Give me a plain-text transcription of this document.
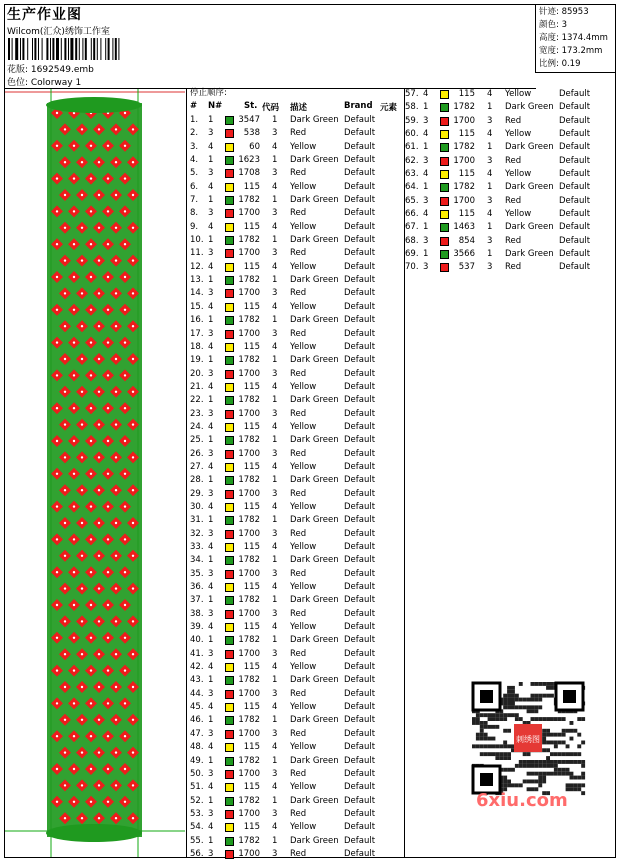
生产作业图
Wilcom(汇众)绣饰工作室
花版: 1692549.emb
色位: Colorway 1
针迹: 85953
颜色: 3
高度: 1374.4mm
宽度: 173.2mm
比例: 0.19
停止顺序:
# N#	St. 代码 描述	Brand 元素
1. 1	3547 1 Dark Green Default
2. 3	538 3 Red	Default
3. 4	60 4 Yellow	Default
4. 1	1623 1 Dark Green Default
5. 3	1708 3 Red	Default
6. 4	115 4 Yellow	Default
7. 1	1782 1 Dark Green Default
8. 3	1700 3 Red	Default
9. 4	115 4 Yellow	Default
10. 1	1782 1 Dark Green Default
11. 3	1700 3 Red	Default
12. 4	115 4 Yellow	Default
13. 1	1782 1 Dark Green Default
14. 3	1700 3 Red	Default
15. 4	115 4 Yellow	Default
16. 1	1782 1 Dark Green Default
17. 3	1700 3 Red	Default
18. 4	115 4 Yellow	Default
19. 1	1782 1 Dark Green Default
20. 3	1700 3 Red	Default
21. 4	115 4 Yellow	Default
22. 1	1782 1 Dark Green Default
23. 3	1700 3 Red	Default
24. 4	115 4 Yellow	Default
25. 1	1782 1 Dark Green Default
26. 3	1700 3 Red	Default
27. 4	115 4 Yellow	Default
28. 1	1782 1 Dark Green Default
29. 3	1700 3 Red	Default
30. 4	115 4 Yellow	Default
31. 1	1782 1 Dark Green Default
32. 3	1700 3 Red	Default
33. 4	115 4 Yellow	Default
34. 1	1782 1 Dark Green Default
35. 3	1700 3 Red	Default
36. 4	115 4 Yellow	Default
37. 1	1782 1 Dark Green Default
38. 3	1700 3 Red	Default
39. 4	115 4 Yellow	Default
40. 1	1782 1 Dark Green Default
41. 3	1700 3 Red	Default
42. 4	115 4 Yellow	Default
43. 1	1782 1 Dark Green Default
44. 3	1700 3 Red	Default
45. 4	115 4 Yellow	Default
46. 1	1782 1 Dark Green Default
47. 3	1700 3 Red	Default
48. 4	115 4 Yellow	Default
49. 1	1782 1 Dark Green Default
50. 3	1700 3 Red	Default
51. 4	115 4 Yellow	Default
52. 1	1782 1 Dark Green Default
53. 3	1700 3 Red	Default
54. 4	115 4 Yellow	Default
55. 1	1782 1 Dark Green Default
56. 3	1700 3 Red	Default
57. 4	115 4 Yellow	Default
58. 1	1782 1 Dark Green Default
59. 3	1700 3 Red	Default
60. 4	115 4 Yellow	Default
61. 1	1782 1 Dark Green Default
62. 3	1700 3 Red	Default
63. 4	115 4 Yellow	Default
64. 1	1782 1 Dark Green Default
65. 3	1700 3 Red	Default
66. 4	115 4 Yellow	Default
67. 1	1463 1 Dark Green Default
68. 3	854 3 Red	Default
69. 1	3566 1 Dark Green Default
70. 3	537 3 Red	Default
刺绣图
6xiu.com
